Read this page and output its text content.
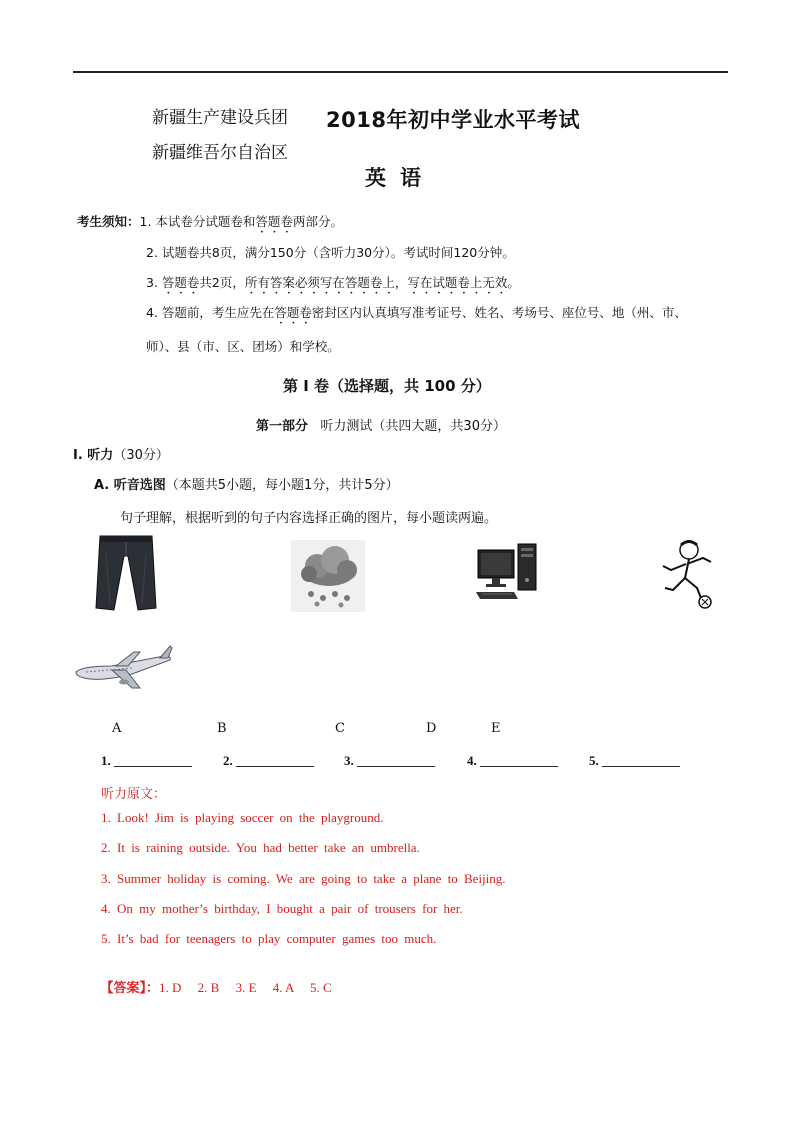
新疆生产建设兵团
新疆维吾尔自治区
2018年初中学业水平考试
英语
考生须知：1. 本试卷分试题卷和答题卷两部分。
2. 试题卷共8页，满分150分（含听力30分）。考试时间120分钟。
3. 答题卷共2页，所有答案必须写在答题卷上，写在试题卷上无效。
4. 答题前，考生应先在答题卷密封区内认真填写准考证号、姓名、考场号、座位号、地（州、市、
师）、县（市、区、团场）和学校。
第 I 卷（选择题，共 100 分）
第一部分 听力测试（共四大题，共30分）
I. 听力（30分）
A. 听音选图（本题共5小题，每小题1分，共计5分）
句子理解，根据听到的句子内容选择正确的图片，每小题读两遍。
A	B	C	D	E
1. ____________ 2. ____________ 3. ____________ 4. ____________ 5. ____________
听力原文：
1. Look! Jim is playing soccer on the playground.
2. It is raining outside. You had better take an umbrella.
3. Summer holiday is coming. We are going to take a plane to Beijing.
4. On my mother’s birthday, I bought a pair of trousers for her.
5. It’s bad for teenagers to play computer games too much.

【答案】：1. D     2. B     3. E     4. A     5. C
